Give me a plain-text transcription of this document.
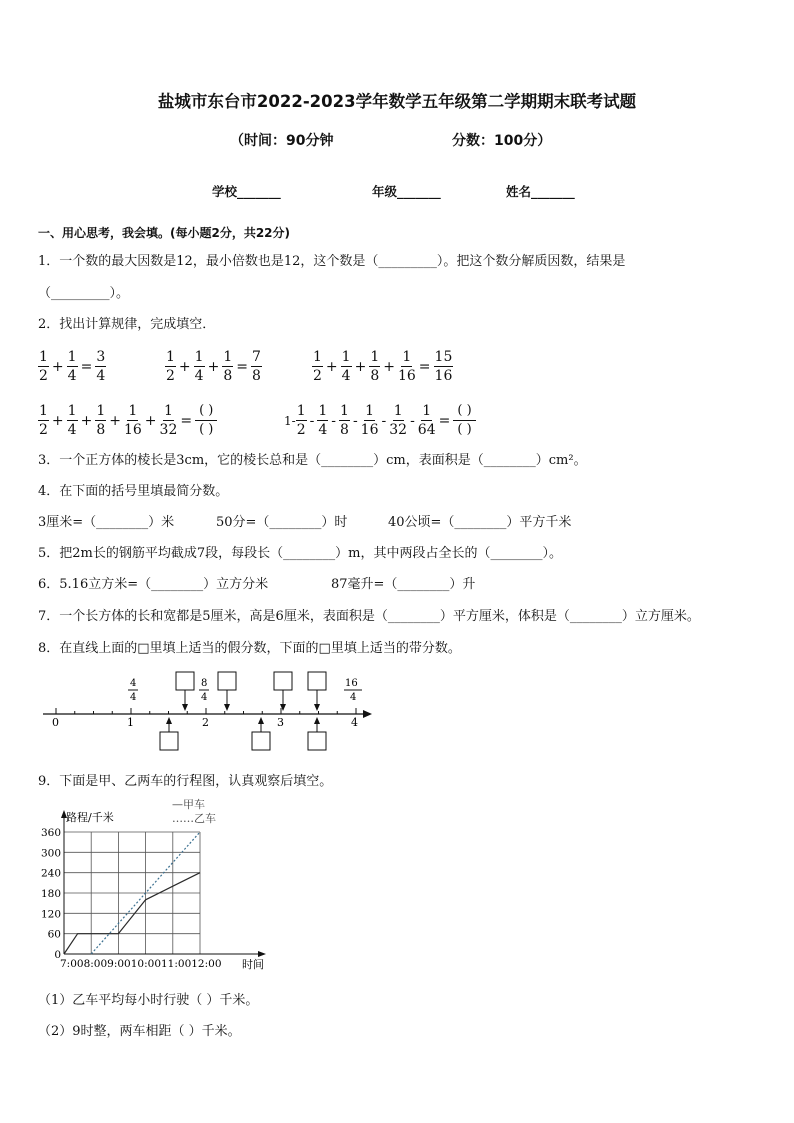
盐城市东台市2022-2023学年数学五年级第二学期期末联考试题
（时间：90分钟	分数：100分）
学校_______	年级_______	姓名_______
一、用心思考，我会填。(每小题2分，共22分)
1．一个数的最大因数是12，最小倍数也是12，这个数是（_________）。把这个数分解质因数，结果是
（_________）。
2．找出计算规律，完成填空．
$\frac{1}{2} + \frac{1}{4} = \frac{3}{4}$	$\frac{1}{2} + \frac{1}{4} + \frac{1}{8} = \frac{7}{8}$	$\frac{1}{2} + \frac{1}{4} + \frac{1}{8} + \frac{1}{16} = \frac{15}{16}$
$\frac{1}{2} + \frac{1}{4} + \frac{1}{8} + \frac{1}{16} + \frac{1}{32}$ =
( )
( )
$1- \frac{1}{2} - \frac{1}{4} - \frac{1}{8} - \frac{1}{16} - \frac{1}{32} - \frac{1}{64}$ =
( )
( )
3．一个正方体的棱长是3cm，它的棱长总和是（________）cm，表面积是（________）cm²。
4．在下面的括号里填最简分数。
3厘米=（________）米	50分=（________）时	40公顷=（________）平方千米
5．把2m长的钢筋平均截成7段，每段长（________）m，其中两段占全长的（________）。
6．5.16立方米=（________）立方分米	87毫升=（________）升
7．一个长方体的长和宽都是5厘米，高是6厘米，表面积是（________）平方厘米，体积是（________）立方厘米。
8．在直线上面的□里填上适当的假分数，下面的□里填上适当的带分数。
0	1	2	3	4
4
4
8
4
16
4
9．下面是甲、乙两车的行程图，认真观察后填空。
0
60
120
180
240
300
360
路程/千米
时间
7:008:009:0010:0011:0012:00
—甲车
……乙车
（1）乙车平均每小时行驶（ ）千米。
（2）9时整，两车相距（ ）千米。
